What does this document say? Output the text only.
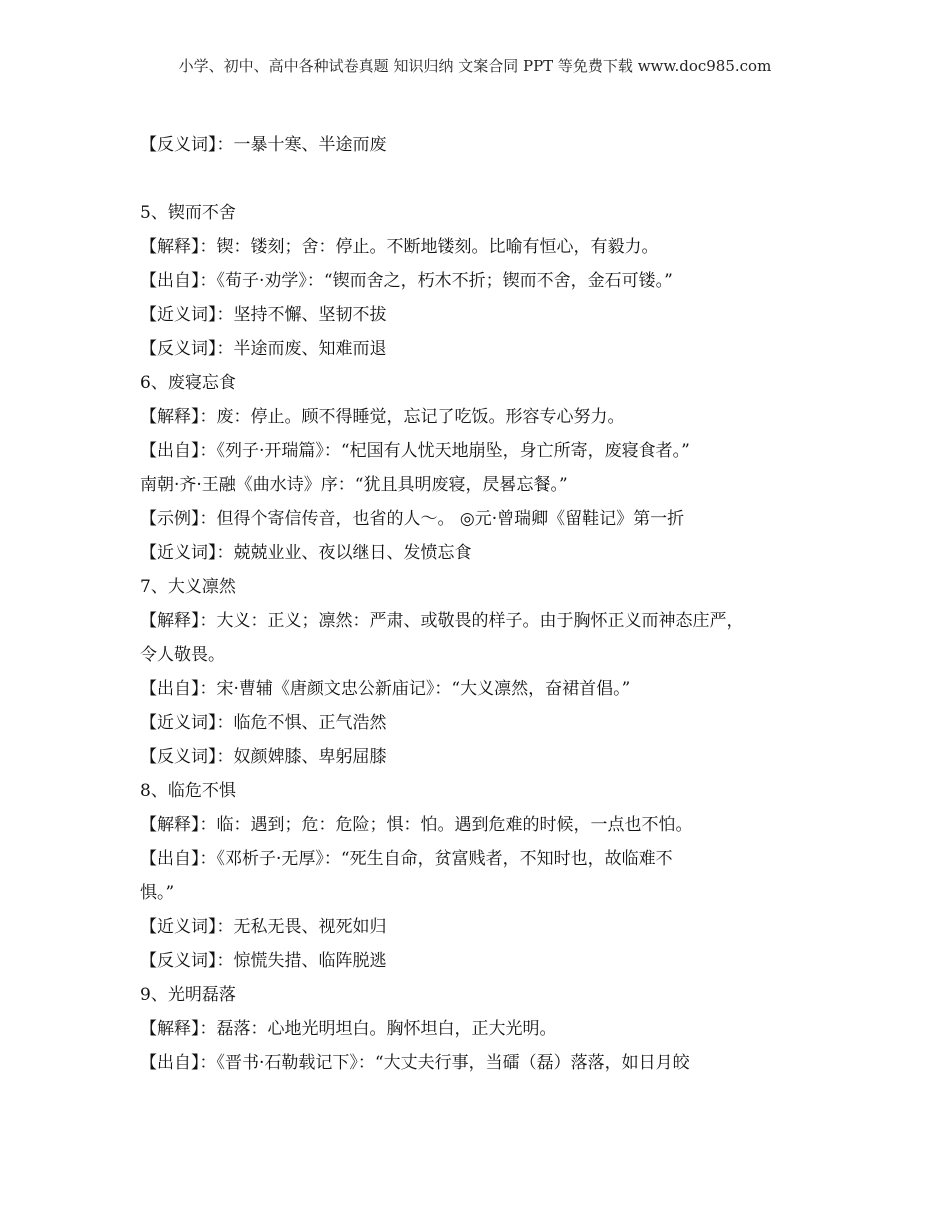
小学、初中、高中各种试卷真题 知识归纳 文案合同 PPT 等免费下载 www.doc985.com
【反义词】：一暴十寒、半途而废
5、锲而不舍
【解释】：锲：镂刻；舍：停止。不断地镂刻。比喻有恒心，有毅力。
【出自】：《荀子·劝学》：“锲而舍之，朽木不折；锲而不舍，金石可镂。”
【近义词】：坚持不懈、坚韧不拔
【反义词】：半途而废、知难而退
6、废寝忘食
【解释】：废：停止。顾不得睡觉，忘记了吃饭。形容专心努力。
【出自】：《列子·开瑞篇》：“杞国有人忧天地崩坠，身亡所寄，废寝食者。”
南朝·齐·王融《曲水诗》序：“犹且具明废寝，昃晷忘餐。”
【示例】：但得个寄信传音，也省的人～。 ◎元·曾瑞卿《留鞋记》第一折
【近义词】：兢兢业业、夜以继日、发愤忘食
7、大义凛然
【解释】：大义：正义；凛然：严肃、或敬畏的样子。由于胸怀正义而神态庄严，
令人敬畏。
【出自】：宋·曹辅《唐颜文忠公新庙记》：“大义凛然，奋裙首倡。”
【近义词】：临危不惧、正气浩然
【反义词】：奴颜婢膝、卑躬屈膝
8、临危不惧
【解释】：临：遇到；危：危险；惧：怕。遇到危难的时候，一点也不怕。
【出自】：《邓析子·无厚》：“死生自命，贫富贱者，不知时也，故临难不
惧。”
【近义词】：无私无畏、视死如归
【反义词】：惊慌失措、临阵脱逃
9、光明磊落
【解释】：磊落：心地光明坦白。胸怀坦白，正大光明。
【出自】：《晋书·石勒载记下》：“大丈夫行事，当礌（磊）落落，如日月皎
